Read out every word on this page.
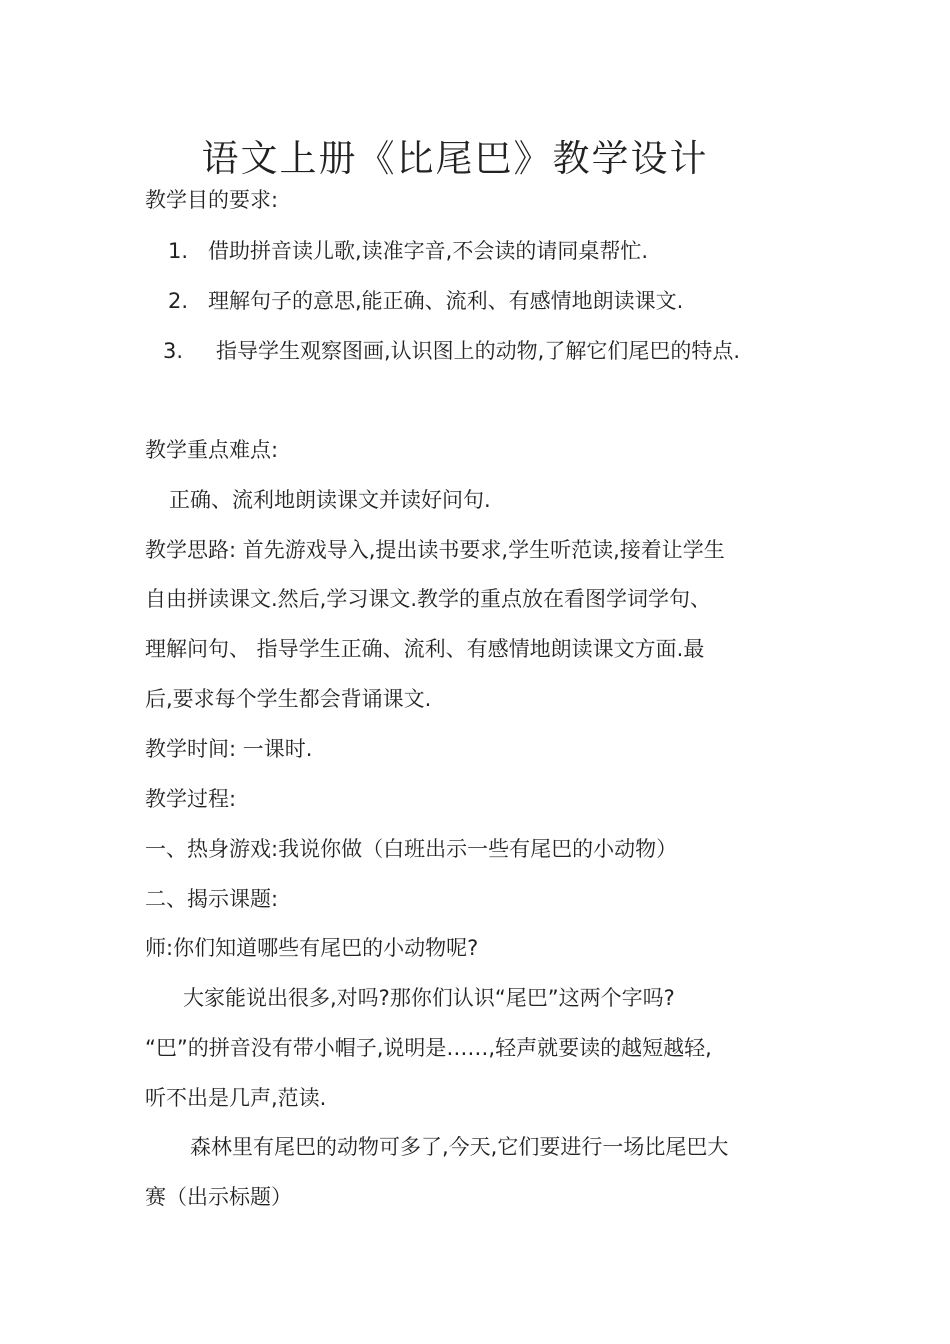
语文上册《比尾巴》教学设计
教学目的要求:
1. 借助拼音读儿歌,读准字音,不会读的请同桌帮忙.
2. 理解句子的意思,能正确、流利、有感情地朗读课文.
3. 指导学生观察图画,认识图上的动物,了解它们尾巴的特点.
教学重点难点:
正确、流利地朗读课文并读好问句.
教学思路: 首先游戏导入,提出读书要求,学生听范读,接着让学生
自由拼读课文.然后,学习课文.教学的重点放在看图学词学句、
理解问句、 指导学生正确、流利、有感情地朗读课文方面.最
后,要求每个学生都会背诵课文.
教学时间: 一课时.
教学过程:
一、热身游戏:我说你做（白班出示一些有尾巴的小动物）
二、揭示课题:
师:你们知道哪些有尾巴的小动物呢?
大家能说出很多,对吗?那你们认识“尾巴”这两个字吗?
“巴”的拼音没有带小帽子,说明是……,轻声就要读的越短越轻,
听不出是几声,范读.
森林里有尾巴的动物可多了,今天,它们要进行一场比尾巴大
赛（出示标题）
